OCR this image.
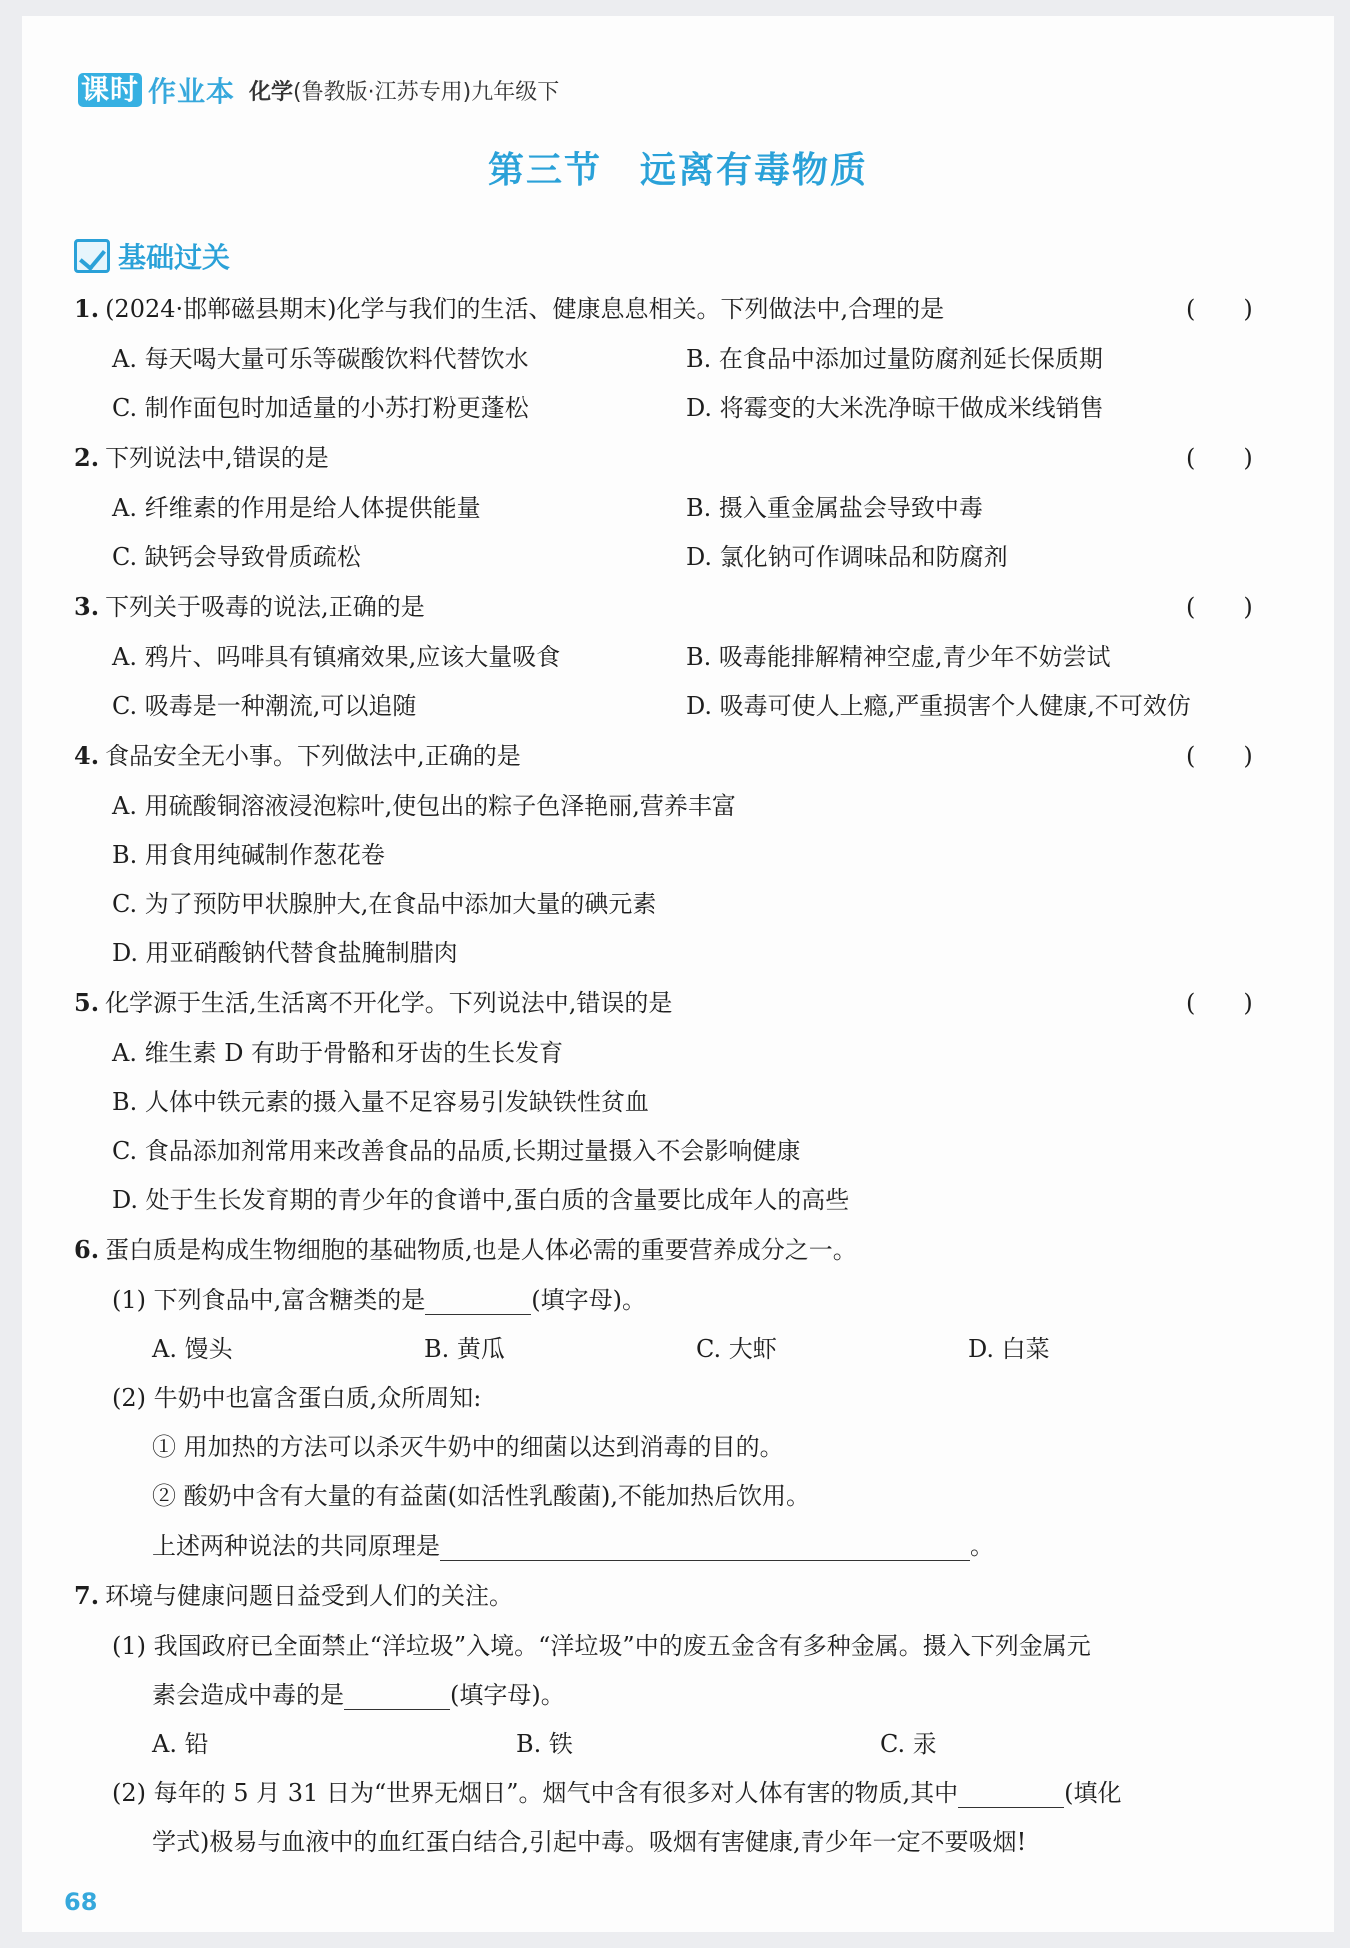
课时 作业本 化学(鲁教版·江苏专用)九年级下
第三节　远离有毒物质
基础过关
1. (2024·邯郸磁县期末)化学与我们的生活、健康息息相关。下列做法中,合理的是	(　　)
A. 每天喝大量可乐等碳酸饮料代替饮水	B. 在食品中添加过量防腐剂延长保质期
C. 制作面包时加适量的小苏打粉更蓬松	D. 将霉变的大米洗净晾干做成米线销售
2. 下列说法中,错误的是	(　　)
A. 纤维素的作用是给人体提供能量	B. 摄入重金属盐会导致中毒
C. 缺钙会导致骨质疏松	D. 氯化钠可作调味品和防腐剂
3. 下列关于吸毒的说法,正确的是	(　　)
A. 鸦片、吗啡具有镇痛效果,应该大量吸食	B. 吸毒能排解精神空虚,青少年不妨尝试
C. 吸毒是一种潮流,可以追随	D. 吸毒可使人上瘾,严重损害个人健康,不可效仿
4. 食品安全无小事。下列做法中,正确的是	(　　)
A. 用硫酸铜溶液浸泡粽叶,使包出的粽子色泽艳丽,营养丰富
B. 用食用纯碱制作葱花卷
C. 为了预防甲状腺肿大,在食品中添加大量的碘元素
D. 用亚硝酸钠代替食盐腌制腊肉
5. 化学源于生活,生活离不开化学。下列说法中,错误的是	(　　)
A. 维生素 D 有助于骨骼和牙齿的生长发育
B. 人体中铁元素的摄入量不足容易引发缺铁性贫血
C. 食品添加剂常用来改善食品的品质,长期过量摄入不会影响健康
D. 处于生长发育期的青少年的食谱中,蛋白质的含量要比成年人的高些
6. 蛋白质是构成生物细胞的基础物质,也是人体必需的重要营养成分之一。
(1) 下列食品中,富含糖类的是	(填字母)。
A. 馒头	B. 黄瓜	C. 大虾	D. 白菜
(2) 牛奶中也富含蛋白质,众所周知:
① 用加热的方法可以杀灭牛奶中的细菌以达到消毒的目的。
② 酸奶中含有大量的有益菌(如活性乳酸菌),不能加热后饮用。
上述两种说法的共同原理是	。
7. 环境与健康问题日益受到人们的关注。
(1) 我国政府已全面禁止“洋垃圾”入境。“洋垃圾”中的废五金含有多种金属。摄入下列金属元
素会造成中毒的是	(填字母)。
A. 铅	B. 铁	C. 汞
(2) 每年的 5 月 31 日为“世界无烟日”。烟气中含有很多对人体有害的物质,其中	(填化
学式)极易与血液中的血红蛋白结合,引起中毒。吸烟有害健康,青少年一定不要吸烟!
68
